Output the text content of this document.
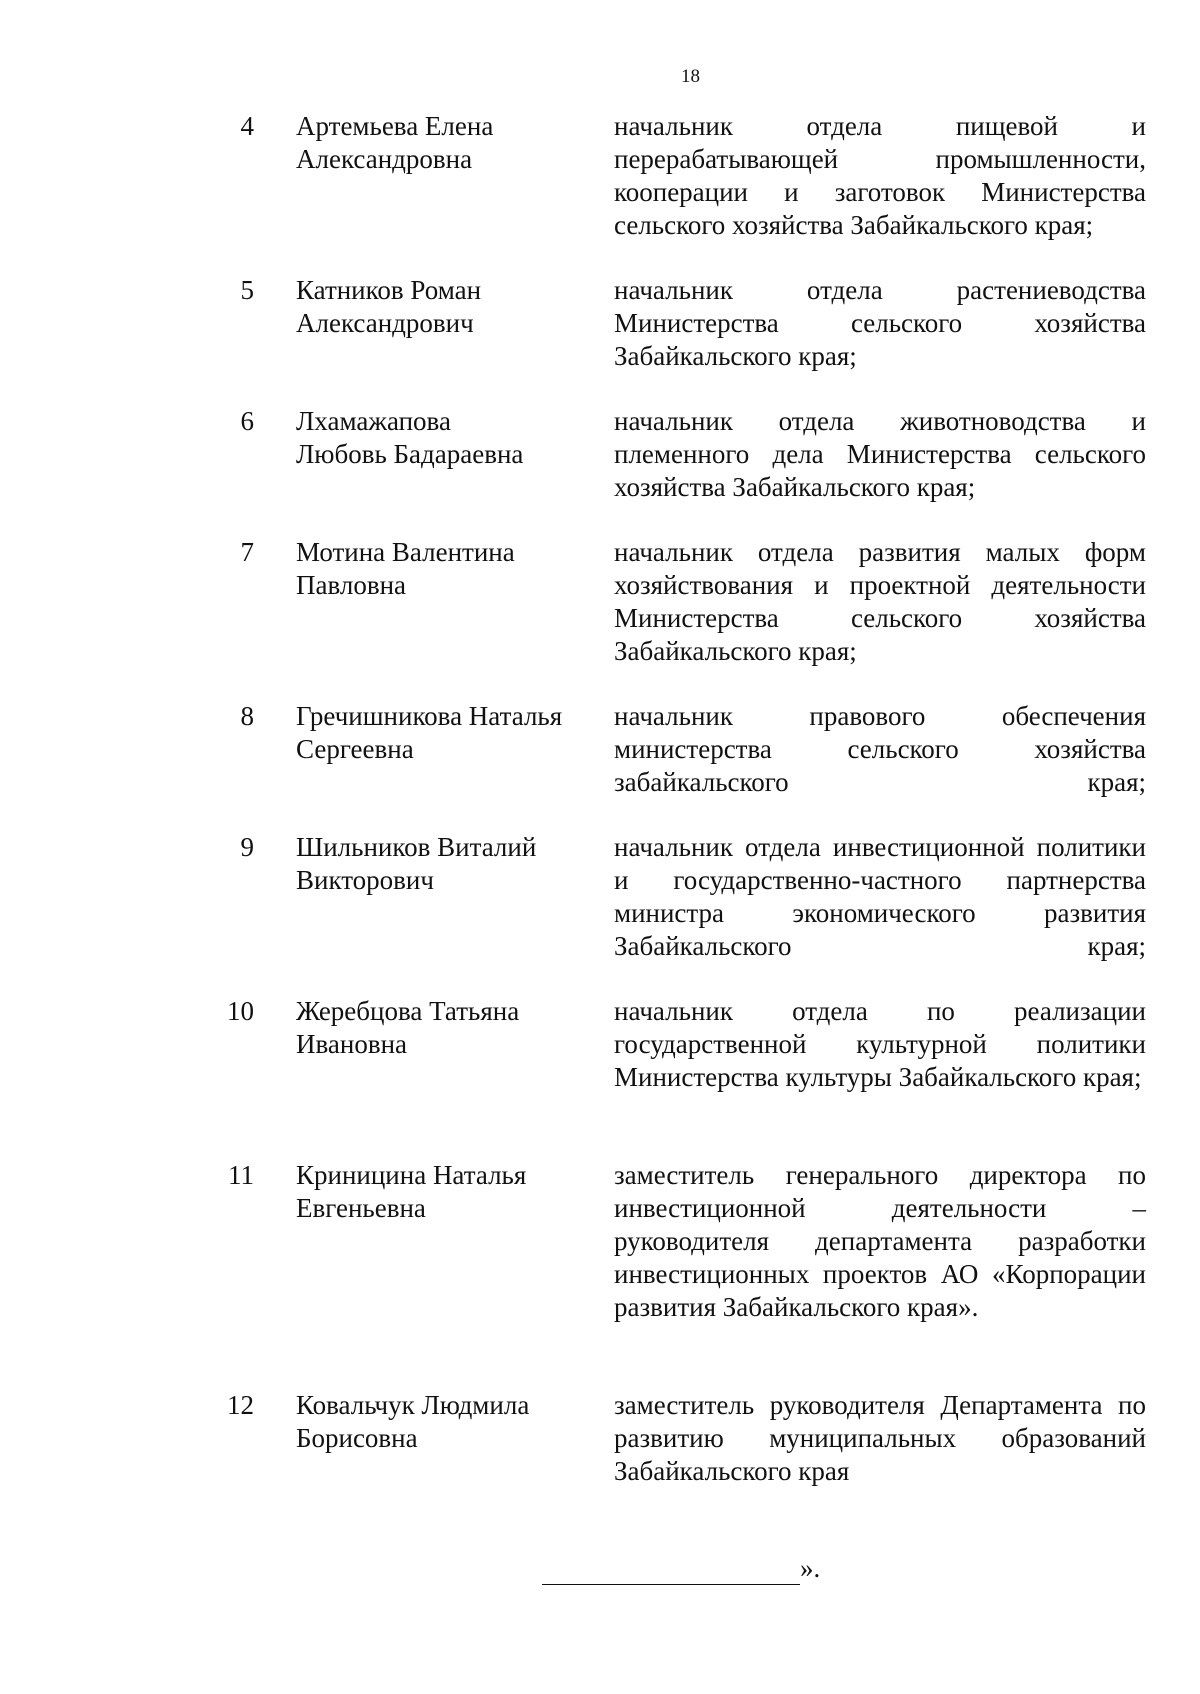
18
4 Артемьева Елена Александровна
начальник отдела пищевой и перерабатывающей промышленности, кооперации и заготовок Министерства сельского хозяйства Забайкальского края;
5 Катников Роман Александрович
начальник отдела растениеводства Министерства сельского хозяйства Забайкальского края;
6 Лхамажапова Любовь Бадараевна
начальник отдела животноводства и племенного дела Министерства сельского хозяйства Забайкальского края;
7 Мотина Валентина Павловна
начальник отдела развития малых форм хозяйствования и проектной деятельности Министерства сельского хозяйства Забайкальского края;
8 Гречишникова Наталья Сергеевна
начальник правового обеспечения министерства сельского хозяйства забайкальского края;
9 Шильников Виталий Викторович
начальник отдела инвестиционной политики и государственно-частного партнерства министра экономического развития Забайкальского края;
10 Жеребцова Татьяна Ивановна
начальник отдела по реализации государственной культурной политики Министерства культуры Забайкальского края;
11 Криницина Наталья Евгеньевна
заместитель генерального директора по инвестиционной деятельности – руководителя департамента разработки инвестиционных проектов АО «Корпорации развития Забайкальского края».
12 Ковальчук Людмила Борисовна
заместитель руководителя Департамента по развитию муниципальных образований Забайкальского края
».
